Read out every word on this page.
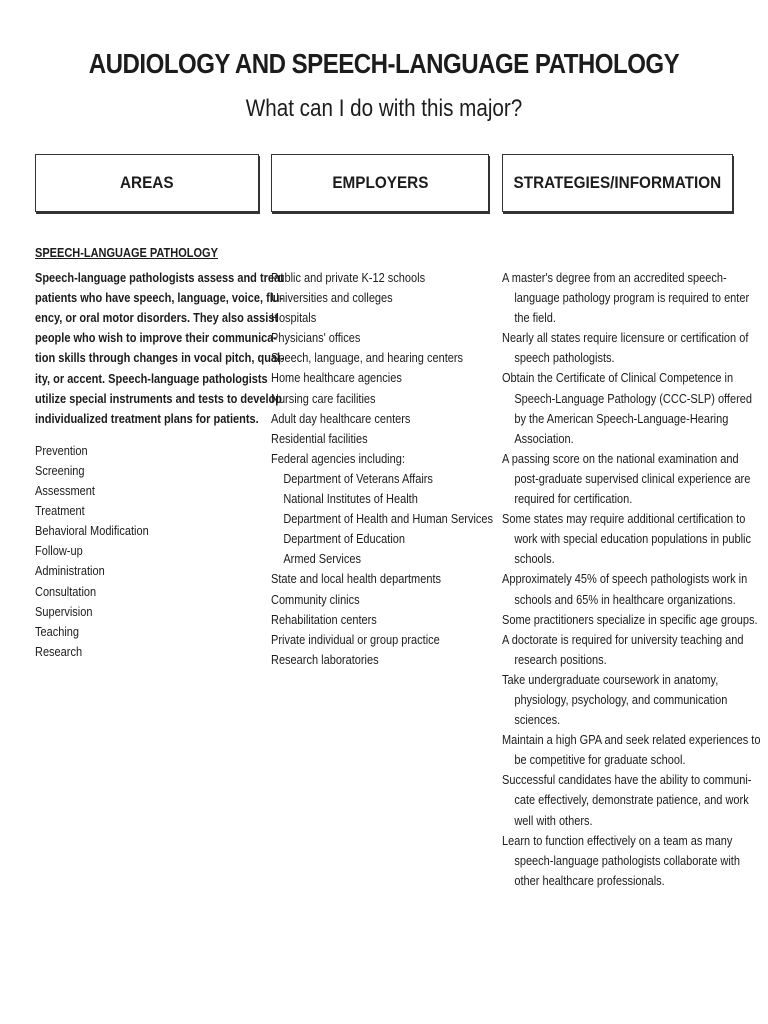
AUDIOLOGY AND SPEECH-LANGUAGE PATHOLOGY
What can I do with this major?
AREAS	EMPLOYERS	STRATEGIES/INFORMATION
SPEECH-LANGUAGE PATHOLOGY
Speech-language pathologists assess and treat
patients who have speech, language, voice, flu-
ency, or oral motor disorders. They also assist
people who wish to improve their communica-
tion skills through changes in vocal pitch, qual-
ity, or accent. Speech-language pathologists
utilize special instruments and tests to develop
individualized treatment plans for patients.
Prevention
Screening
Assessment
Treatment
Behavioral Modification
Follow-up
Administration
Consultation
Supervision
Teaching
Research
Public and private K-12 schools
Universities and colleges
Hospitals
Physicians' offices
Speech, language, and hearing centers
Home healthcare agencies
Nursing care facilities
Adult day healthcare centers
Residential facilities
Federal agencies including:
Department of Veterans Affairs
National Institutes of Health
Department of Health and Human Services
Department of Education
Armed Services
State and local health departments
Community clinics
Rehabilitation centers
Private individual or group practice
Research laboratories
A master's degree from an accredited speech-
language pathology program is required to enter
the field.
Nearly all states require licensure or certification of
speech pathologists.
Obtain the Certificate of Clinical Competence in
Speech-Language Pathology (CCC-SLP) offered
by the American Speech-Language-Hearing
Association.
A passing score on the national examination and
post-graduate supervised clinical experience are
required for certification.
Some states may require additional certification to
work with special education populations in public
schools.
Approximately 45% of speech pathologists work in
schools and 65% in healthcare organizations.
Some practitioners specialize in specific age groups.
A doctorate is required for university teaching and
research positions.
Take undergraduate coursework in anatomy,
physiology, psychology, and communication
sciences.
Maintain a high GPA and seek related experiences to
be competitive for graduate school.
Successful candidates have the ability to communi-
cate effectively, demonstrate patience, and work
well with others.
Learn to function effectively on a team as many
speech-language pathologists collaborate with
other healthcare professionals.
